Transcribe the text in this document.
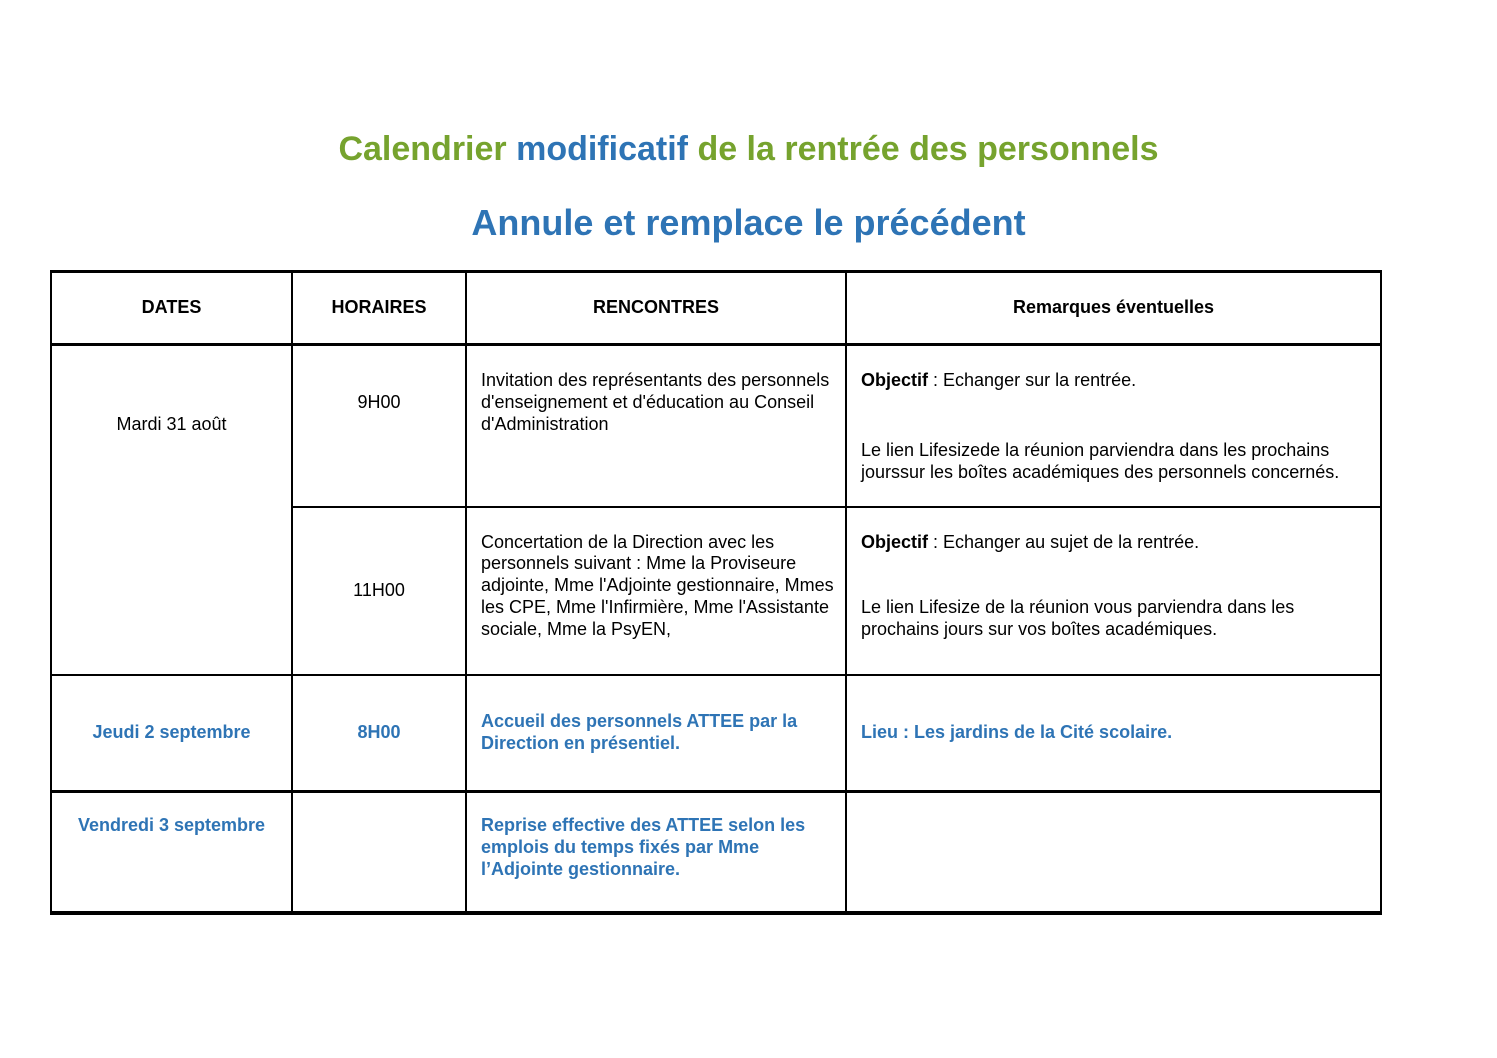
Calendrier modificatif de la rentrée des personnels
Annule et remplace le précédent
DATES	HORAIRES	RENCONTRES	Remarques éventuelles
Mardi 31 août	9H00	Invitation des représentants des personnels d'enseignement et d'éducation au Conseil d'Administration	Objectif : Echanger sur la rentrée.

Le lien Lifesizede la réunion parviendra dans les prochains jourssur les boîtes académiques des personnels concernés.

	11H00	Concertation de la Direction avec les personnels suivant : Mme la Proviseure adjointe, Mme l'Adjointe gestionnaire, Mmes les CPE, Mme l'Infirmière, Mme l'Assistante sociale, Mme la PsyEN,	Objectif : Echanger au sujet de la rentrée.

Le lien Lifesize de la réunion vous parviendra dans les prochains jours sur vos boîtes académiques.

Jeudi 2 septembre	8H00	Accueil des personnels ATTEE par la Direction en présentiel.	Lieu : Les jardins de la Cité scolaire.
Vendredi 3 septembre		Reprise effective des ATTEE selon les emplois du temps fixés par Mme l’Adjointe gestionnaire.	
